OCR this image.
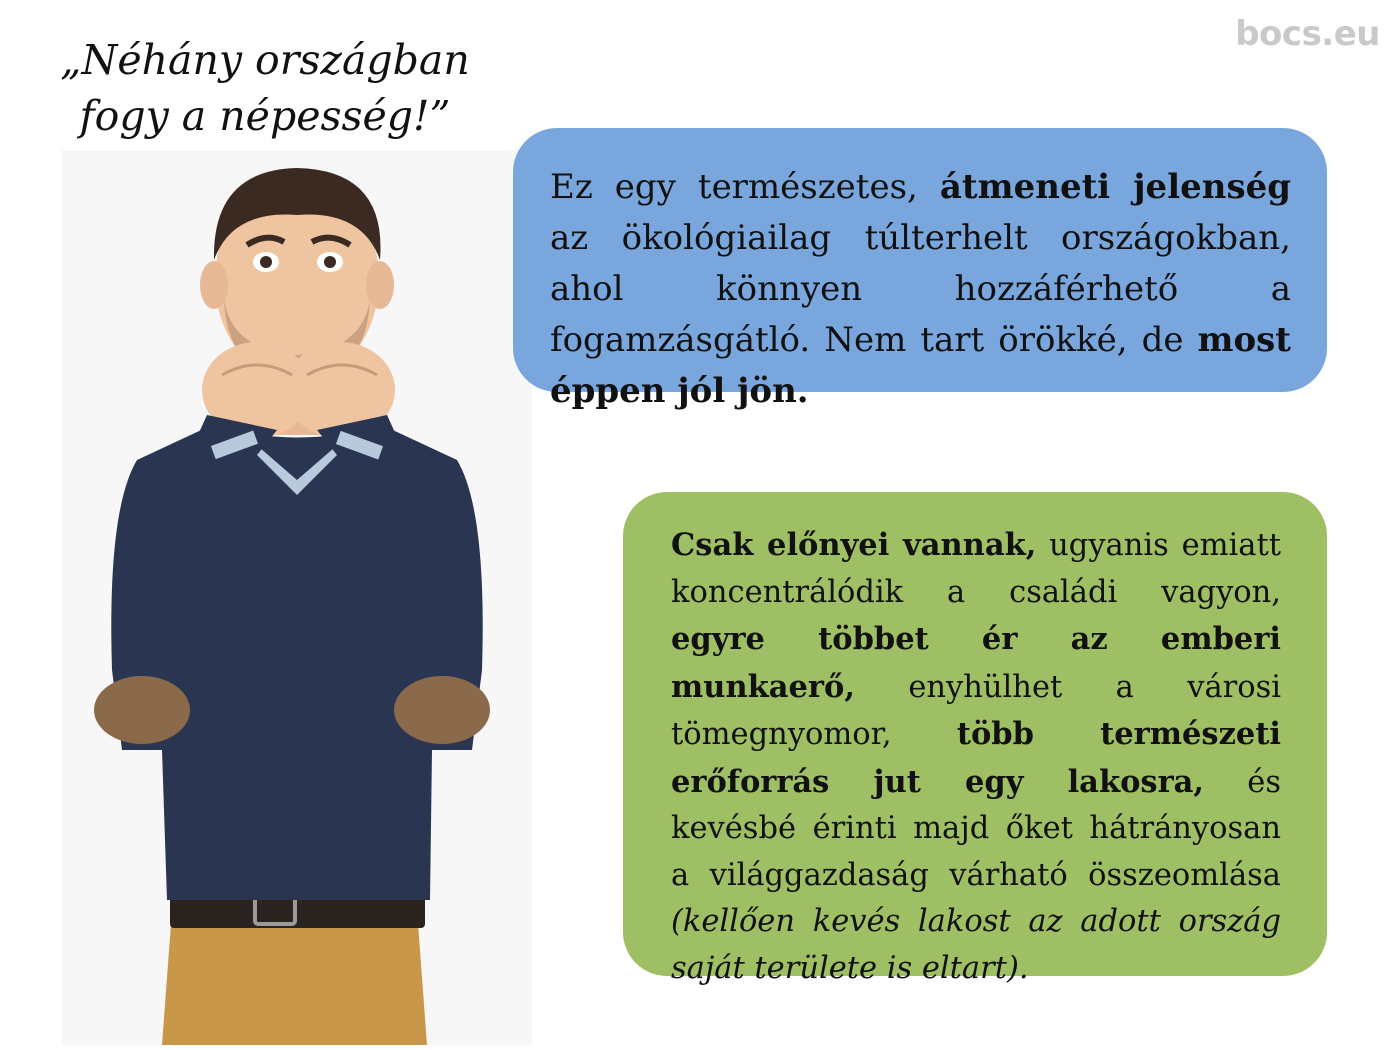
bocs.eu
„Néhány országban
fogy a népesség!”
Ez egy természetes, átmeneti jelenség az ökológiailag túlterhelt országokban, ahol könnyen hozzáférhető a fogamzásgátló. Nem tart örökké, de most éppen jól jön.
Csak előnyei vannak, ugyanis emiatt koncentrálódik a családi vagyon, egyre többet ér az emberi munkaerő, enyhülhet a városi tömegnyomor, több természeti erőforrás jut egy lakosra, és kevésbé érinti majd őket hátrányosan a világgazdaság várható összeomlása (kellően kevés lakost az adott ország saját területe is eltart).
